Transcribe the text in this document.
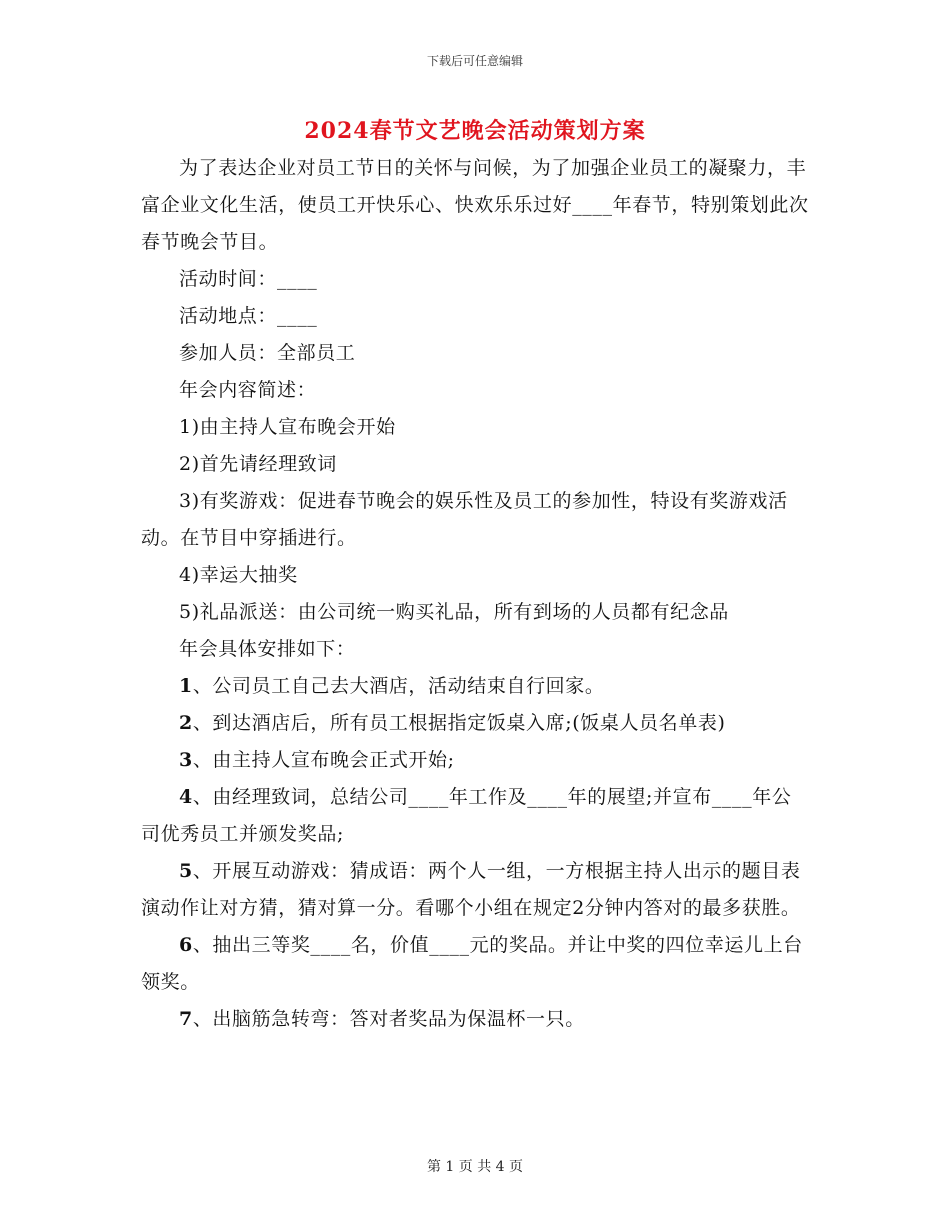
下载后可任意编辑
2024春节文艺晚会活动策划方案

为了表达企业对员工节日的关怀与问候，为了加强企业员工的凝聚力，丰富企业文化生活，使员工开快乐心、快欢乐乐过好____年春节，特别策划此次春节晚会节目。

活动时间：____

活动地点：____

参加人员：全部员工

年会内容简述：

1)由主持人宣布晚会开始

2)首先请经理致词

3)有奖游戏：促进春节晚会的娱乐性及员工的参加性，特设有奖游戏活动。在节目中穿插进行。

4)幸运大抽奖

5)礼品派送：由公司统一购买礼品，所有到场的人员都有纪念品

年会具体安排如下：

1、公司员工自己去大酒店，活动结束自行回家。

2、到达酒店后，所有员工根据指定饭桌入席;(饭桌人员名单表)

3、由主持人宣布晚会正式开始;

4、由经理致词，总结公司____年工作及____年的展望;并宣布____年公司优秀员工并颁发奖品;

5、开展互动游戏：猜成语：两个人一组，一方根据主持人出示的题目表演动作让对方猜，猜对算一分。看哪个小组在规定2分钟内答对的最多获胜。

6、抽出三等奖____名，价值____元的奖品。并让中奖的四位幸运儿上台领奖。

7、出脑筋急转弯：答对者奖品为保温杯一只。

第 1 页 共 4 页
